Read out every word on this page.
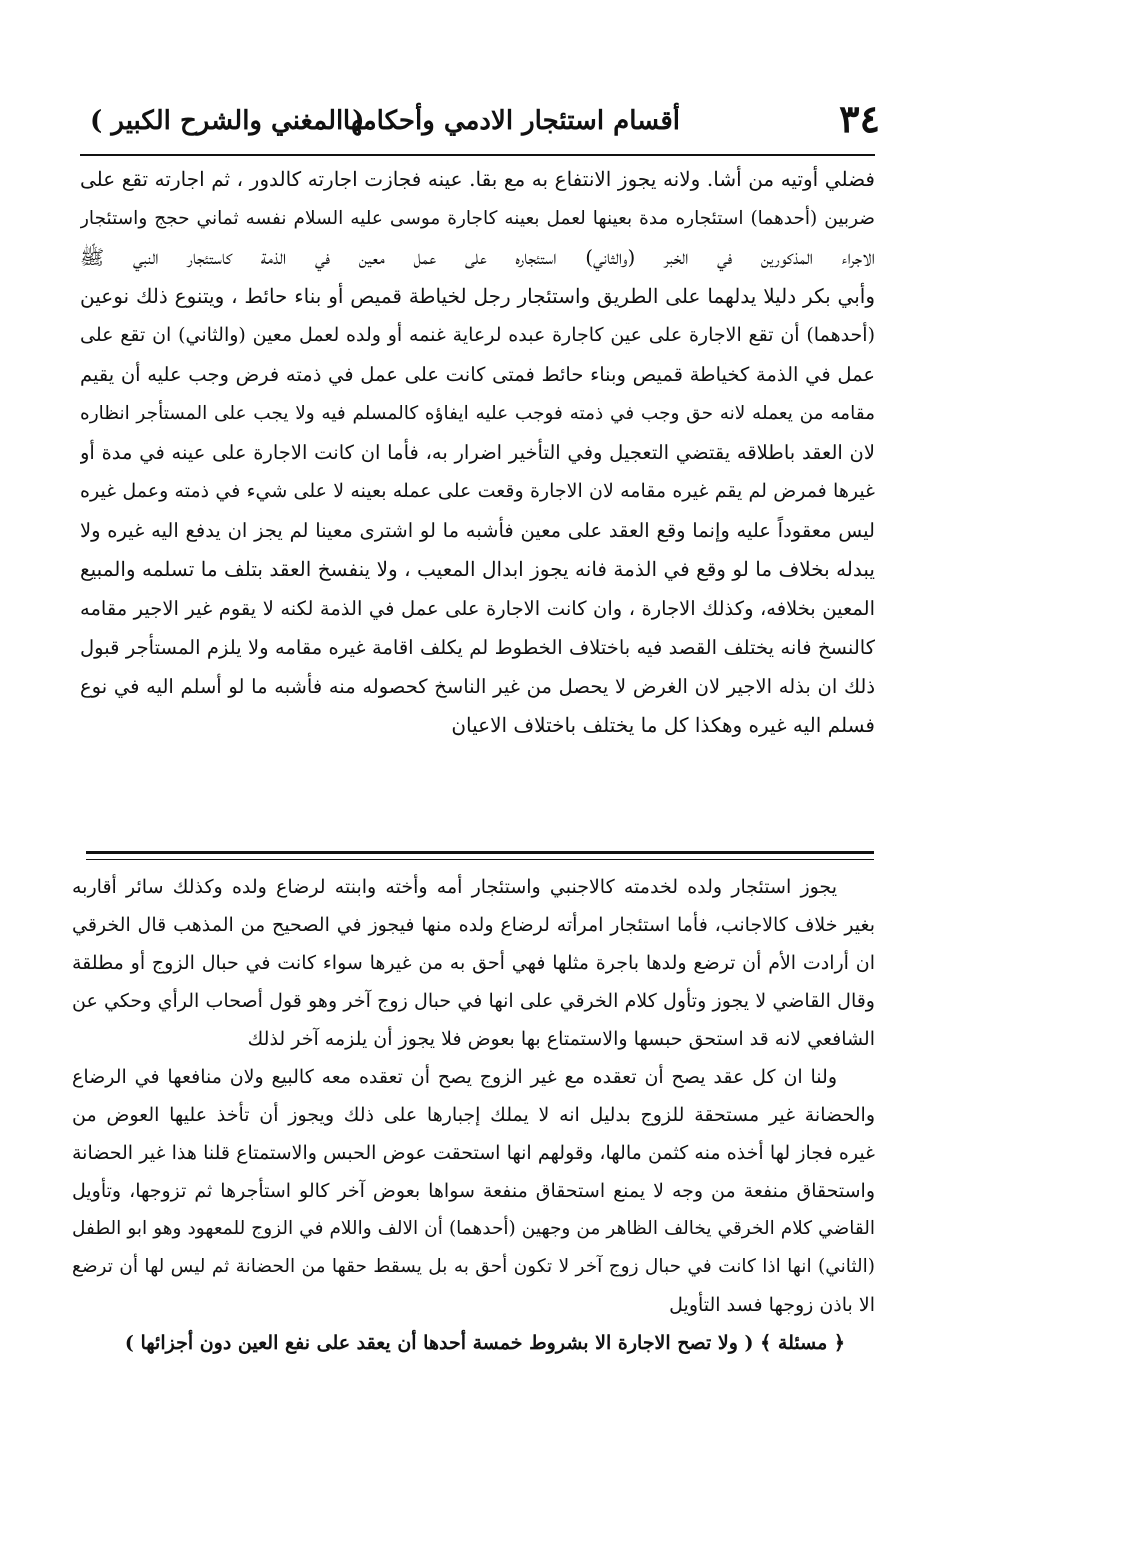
٣٤
أقسام استئجار الادمي وأحكامها
( المغني والشرح الكبير )
فضلي أوتيه من أشا. ولانه يجوز الانتفاع به مع بقا. عينه فجازت اجارته كالدور ، ثم اجارته تقع على
ضربين (أحدهما) استئجاره مدة بعينها لعمل بعينه كاجارة موسى عليه السلام نفسه ثماني حجج واستئجار
الاجراء المذكورين في الخبر (والثاني) استئجاره على عمل معين في الذمة كاستئجار النبي ﷺ
وأبي بكر دليلا يدلهما على الطريق واستئجار رجل لخياطة قميص أو بناء حائط ، ويتنوع ذلك نوعين
(أحدهما) أن تقع الاجارة على عين كاجارة عبده لرعاية غنمه أو ولده لعمل معين (والثاني) ان تقع على
عمل في الذمة كخياطة قميص وبناء حائط فمتى كانت على عمل في ذمته فرض وجب عليه أن يقيم
مقامه من يعمله لانه حق وجب في ذمته فوجب عليه ايفاؤه كالمسلم فيه ولا يجب على المستأجر انظاره
لان العقد باطلاقه يقتضي التعجيل وفي التأخير اضرار به، فأما ان كانت الاجارة على عينه في مدة أو
غيرها فمرض لم يقم غيره مقامه لان الاجارة وقعت على عمله بعينه لا على شيء في ذمته وعمل غيره
ليس معقوداً عليه وإنما وقع العقد على معين فأشبه ما لو اشترى معينا لم يجز ان يدفع اليه غيره ولا
يبدله بخلاف ما لو وقع في الذمة فانه يجوز ابدال المعيب ، ولا ينفسخ العقد بتلف ما تسلمه والمبيع
المعين بخلافه، وكذلك الاجارة ، وان كانت الاجارة على عمل في الذمة لكنه لا يقوم غير الاجير مقامه
كالنسخ فانه يختلف القصد فيه باختلاف الخطوط لم يكلف اقامة غيره مقامه ولا يلزم المستأجر قبول
ذلك ان بذله الاجير لان الغرض لا يحصل من غير الناسخ كحصوله منه فأشبه ما لو أسلم اليه في نوع
فسلم اليه غيره وهكذا كل ما يختلف باختلاف الاعيان
يجوز استئجار ولده لخدمته كالاجنبي واستئجار أمه وأخته وابنته لرضاع ولده وكذلك سائر أقاربه
بغير خلاف كالاجانب، فأما استئجار امرأته لرضاع ولده منها فيجوز في الصحيح من المذهب قال الخرقي
ان أرادت الأم أن ترضع ولدها باجرة مثلها فهي أحق به من غيرها سواء كانت في حبال الزوج أو مطلقة
وقال القاضي لا يجوز وتأول كلام الخرقي على انها في حبال زوج آخر وهو قول أصحاب الرأي وحكي عن
الشافعي لانه قد استحق حبسها والاستمتاع بها بعوض فلا يجوز أن يلزمه آخر لذلك
ولنا ان كل عقد يصح أن تعقده مع غير الزوج يصح أن تعقده معه كالبيع ولان منافعها في الرضاع
والحضانة غير مستحقة للزوج بدليل انه لا يملك إجبارها على ذلك ويجوز أن تأخذ عليها العوض من
غيره فجاز لها أخذه منه كثمن مالها، وقولهم انها استحقت عوض الحبس والاستمتاع قلنا هذا غير الحضانة
واستحقاق منفعة من وجه لا يمنع استحقاق منفعة سواها بعوض آخر كالو استأجرها ثم تزوجها، وتأويل
القاضي كلام الخرقي يخالف الظاهر من وجهين (أحدهما) أن الالف واللام في الزوج للمعهود وهو ابو الطفل
(الثاني) انها اذا كانت في حبال زوج آخر لا تكون أحق به بل يسقط حقها من الحضانة ثم ليس لها أن ترضع
الا باذن زوجها فسد التأويل
﴿ مسئلة ﴾ ( ولا تصح الاجارة الا بشروط خمسة أحدها أن يعقد على نفع العين دون أجزائها )
